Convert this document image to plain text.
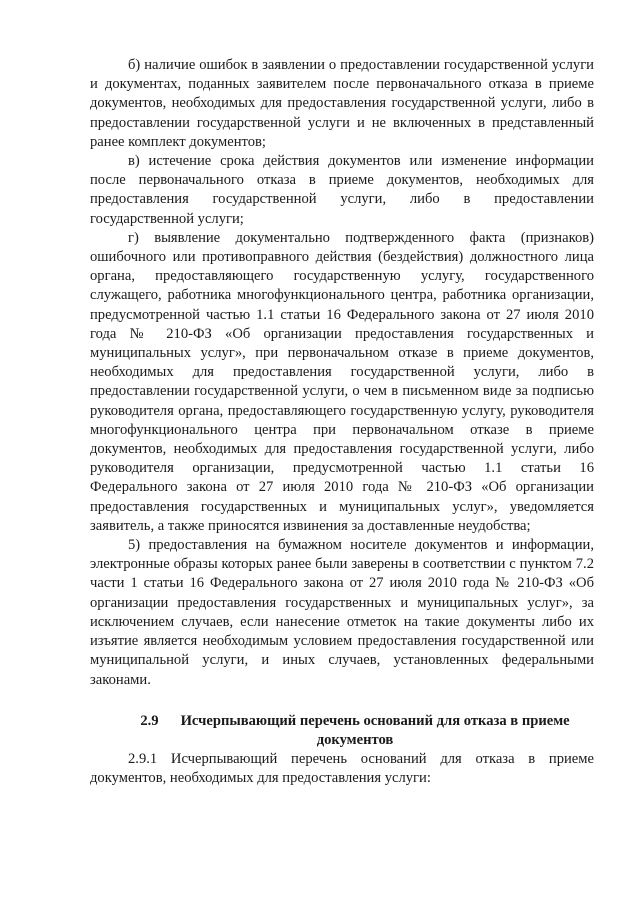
б) наличие ошибок в заявлении о предоставлении государственной услуги и документах, поданных заявителем после первоначального отказа в приеме документов, необходимых для предоставления государственной услуги, либо в предоставлении государственной услуги и не включенных в представленный ранее комплект документов;

в) истечение срока действия документов или изменение информации после первоначального отказа в приеме документов, необходимых для предоставления государственной услуги, либо в предоставлении государственной услуги;

г) выявление документально подтвержденного факта (признаков) ошибочного или противоправного действия (бездействия) должностного лица органа, предоставляющего государственную услугу, государственного служащего, работника многофункционального центра, работника организации, предусмотренной частью 1.1 статьи 16 Федерального закона от 27 июля 2010 года № 210-ФЗ «Об организации предоставления государственных и муниципальных услуг», при первоначальном отказе в приеме документов, необходимых для предоставления государственной услуги, либо в предоставлении государственной услуги, о чем в письменном виде за подписью руководителя органа, предоставляющего государственную услугу, руководителя многофункционального центра при первоначальном отказе в приеме документов, необходимых для предоставления государственной услуги, либо руководителя организации, предусмотренной частью 1.1 статьи 16 Федерального закона от 27 июля 2010 года № 210-ФЗ «Об организации предоставления государственных и муниципальных услуг», уведомляется заявитель, а также приносятся извинения за доставленные неудобства;

5) предоставления на бумажном носителе документов и информации, электронные образы которых ранее были заверены в соответствии с пунктом 7.2 части 1 статьи 16 Федерального закона от 27 июля 2010 года № 210-ФЗ «Об организации предоставления государственных и муниципальных услуг», за исключением случаев, если нанесение отметок на такие документы либо их изъятие является необходимым условием предоставления государственной или муниципальной услуги, и иных случаев, установленных федеральными законами.

2.9 Исчерпывающий перечень оснований для отказа в приеме документов

2.9.1 Исчерпывающий перечень оснований для отказа в приеме документов, необходимых для предоставления услуги:
